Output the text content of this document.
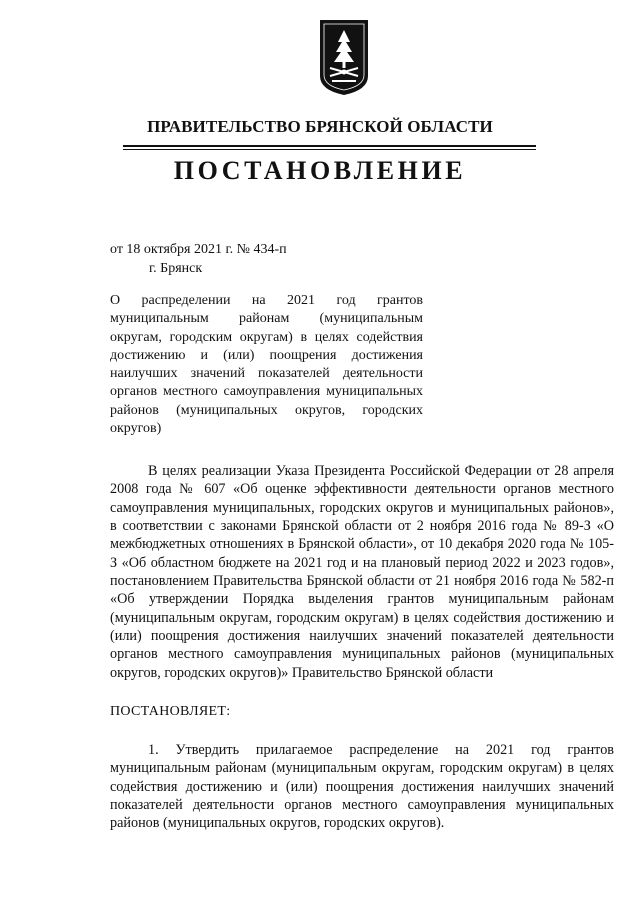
ПРАВИТЕЛЬСТВО БРЯНСКОЙ ОБЛАСТИ
ПОСТАНОВЛЕНИЕ
от 18 октября 2021 г. № 434-п
г. Брянск
О распределении на 2021 год грантов муниципальным районам (муниципальным округам, городским округам) в целях содействия достижению и (или) поощрения достижения наилучших значений показателей деятельности органов местного самоуправления муниципальных районов (муниципальных округов, городских округов)
В целях реализации Указа Президента Российской Федерации от 28 апреля 2008 года № 607 «Об оценке эффективности деятельности органов местного самоуправления муниципальных, городских округов и муниципальных районов», в соответствии с законами Брянской области от 2 ноября 2016 года № 89-З «О межбюджетных отношениях в Брянской области», от 10 декабря 2020 года № 105-З «Об областном бюджете на 2021 год и на плановый период 2022 и 2023 годов», постановлением Правительства Брянской области от 21 ноября 2016 года № 582-п «Об утверждении Порядка выделения грантов муниципальным районам (муниципальным округам, городским округам) в целях содействия достижению и (или) поощрения достижения наилучших значений показателей деятельности органов местного самоуправления муниципальных районов (муниципальных округов, городских округов)» Правительство Брянской области
ПОСТАНОВЛЯЕТ:
1. Утвердить прилагаемое распределение на 2021 год грантов муниципальным районам (муниципальным округам, городским округам) в целях содействия достижению и (или) поощрения достижения наилучших значений показателей деятельности органов местного самоуправления муниципальных районов (муниципальных округов, городских округов).
